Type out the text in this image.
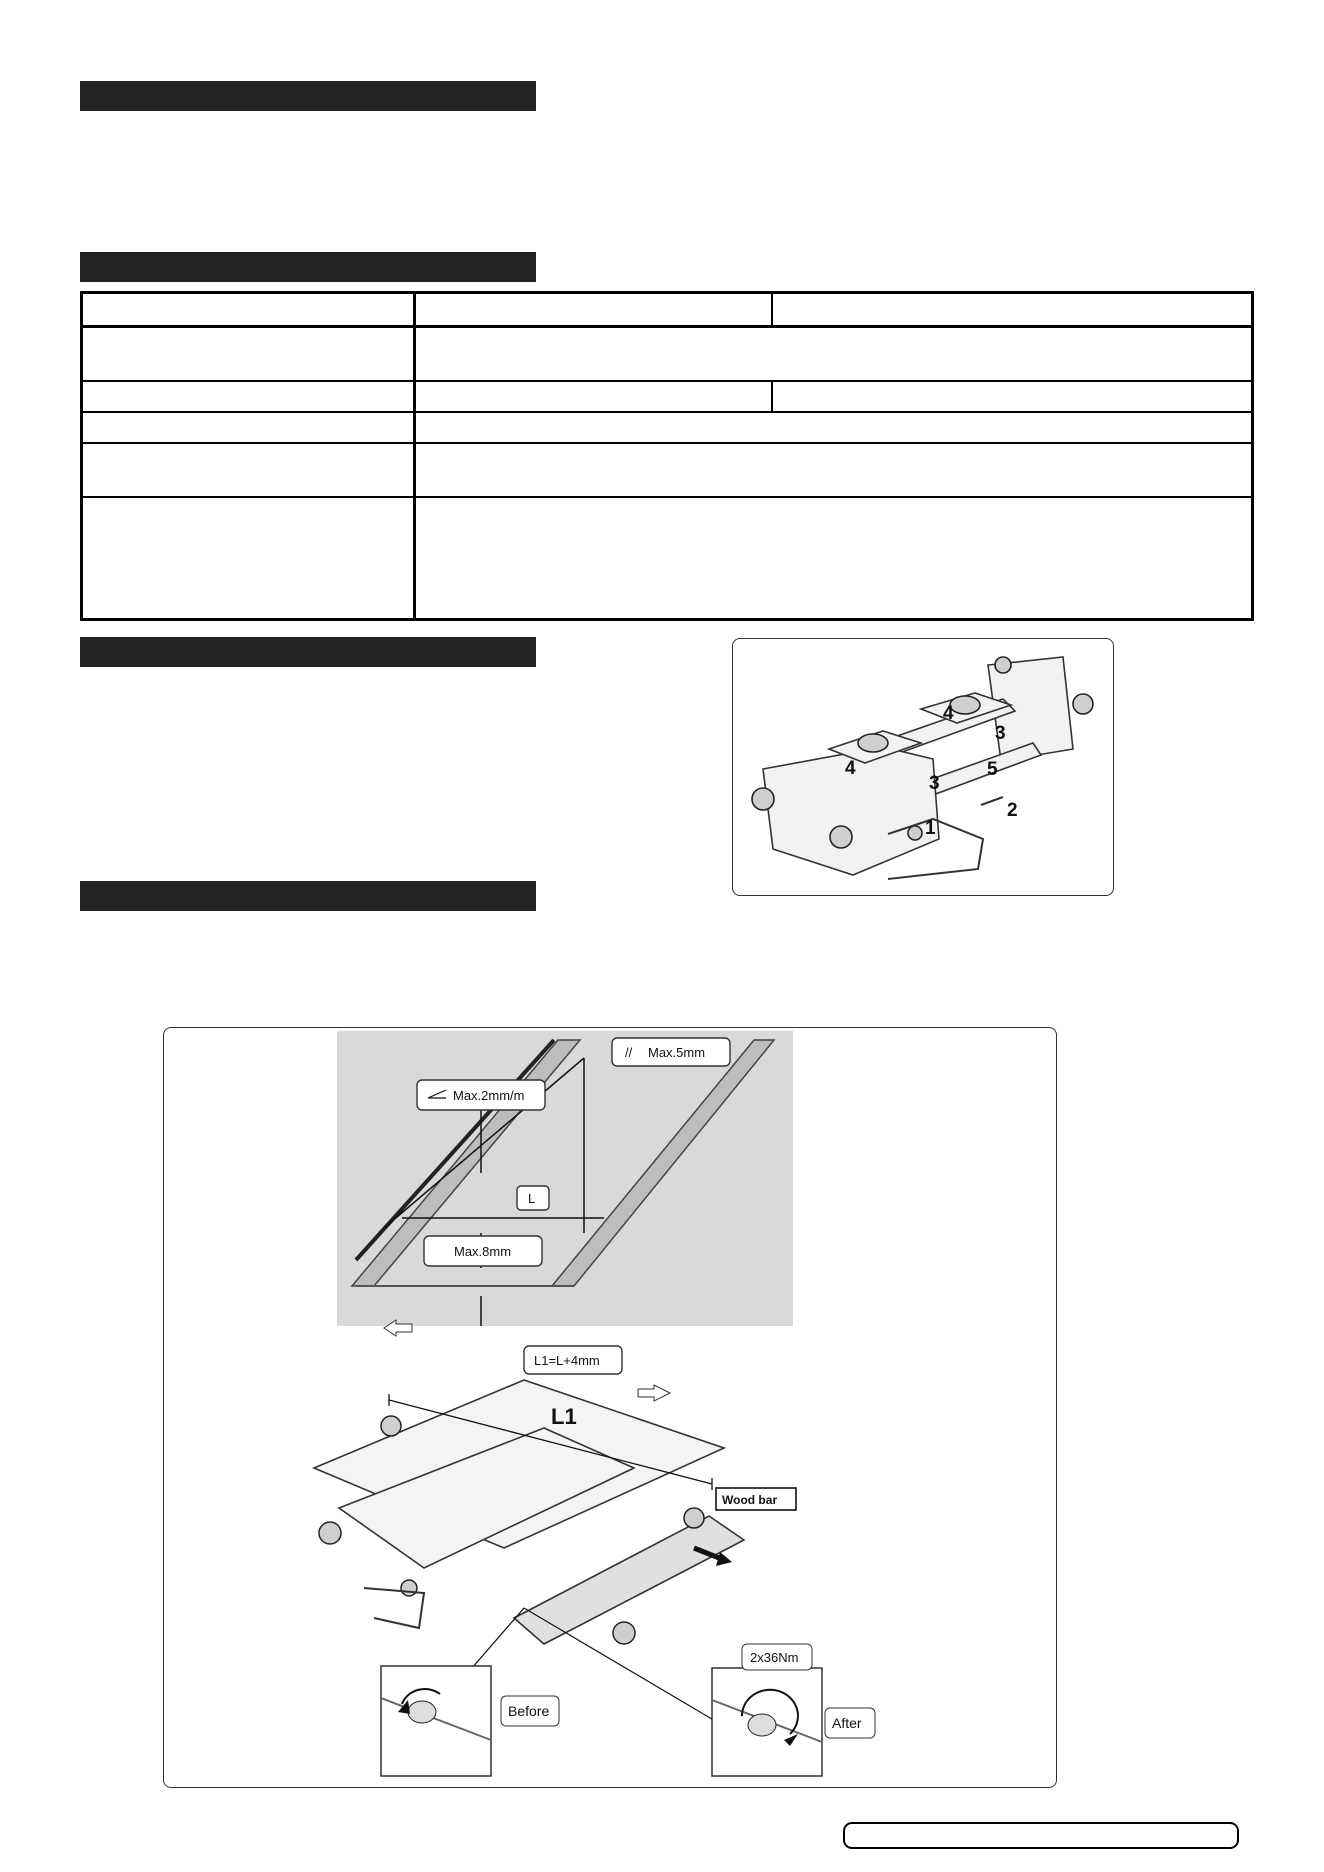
4
3
4	5
3
2
1
// Max.5mm
Max.2mm/m
L
Max.8mm
L1=L+4mm
L1
Wood bar
Before
2x36Nm
After
